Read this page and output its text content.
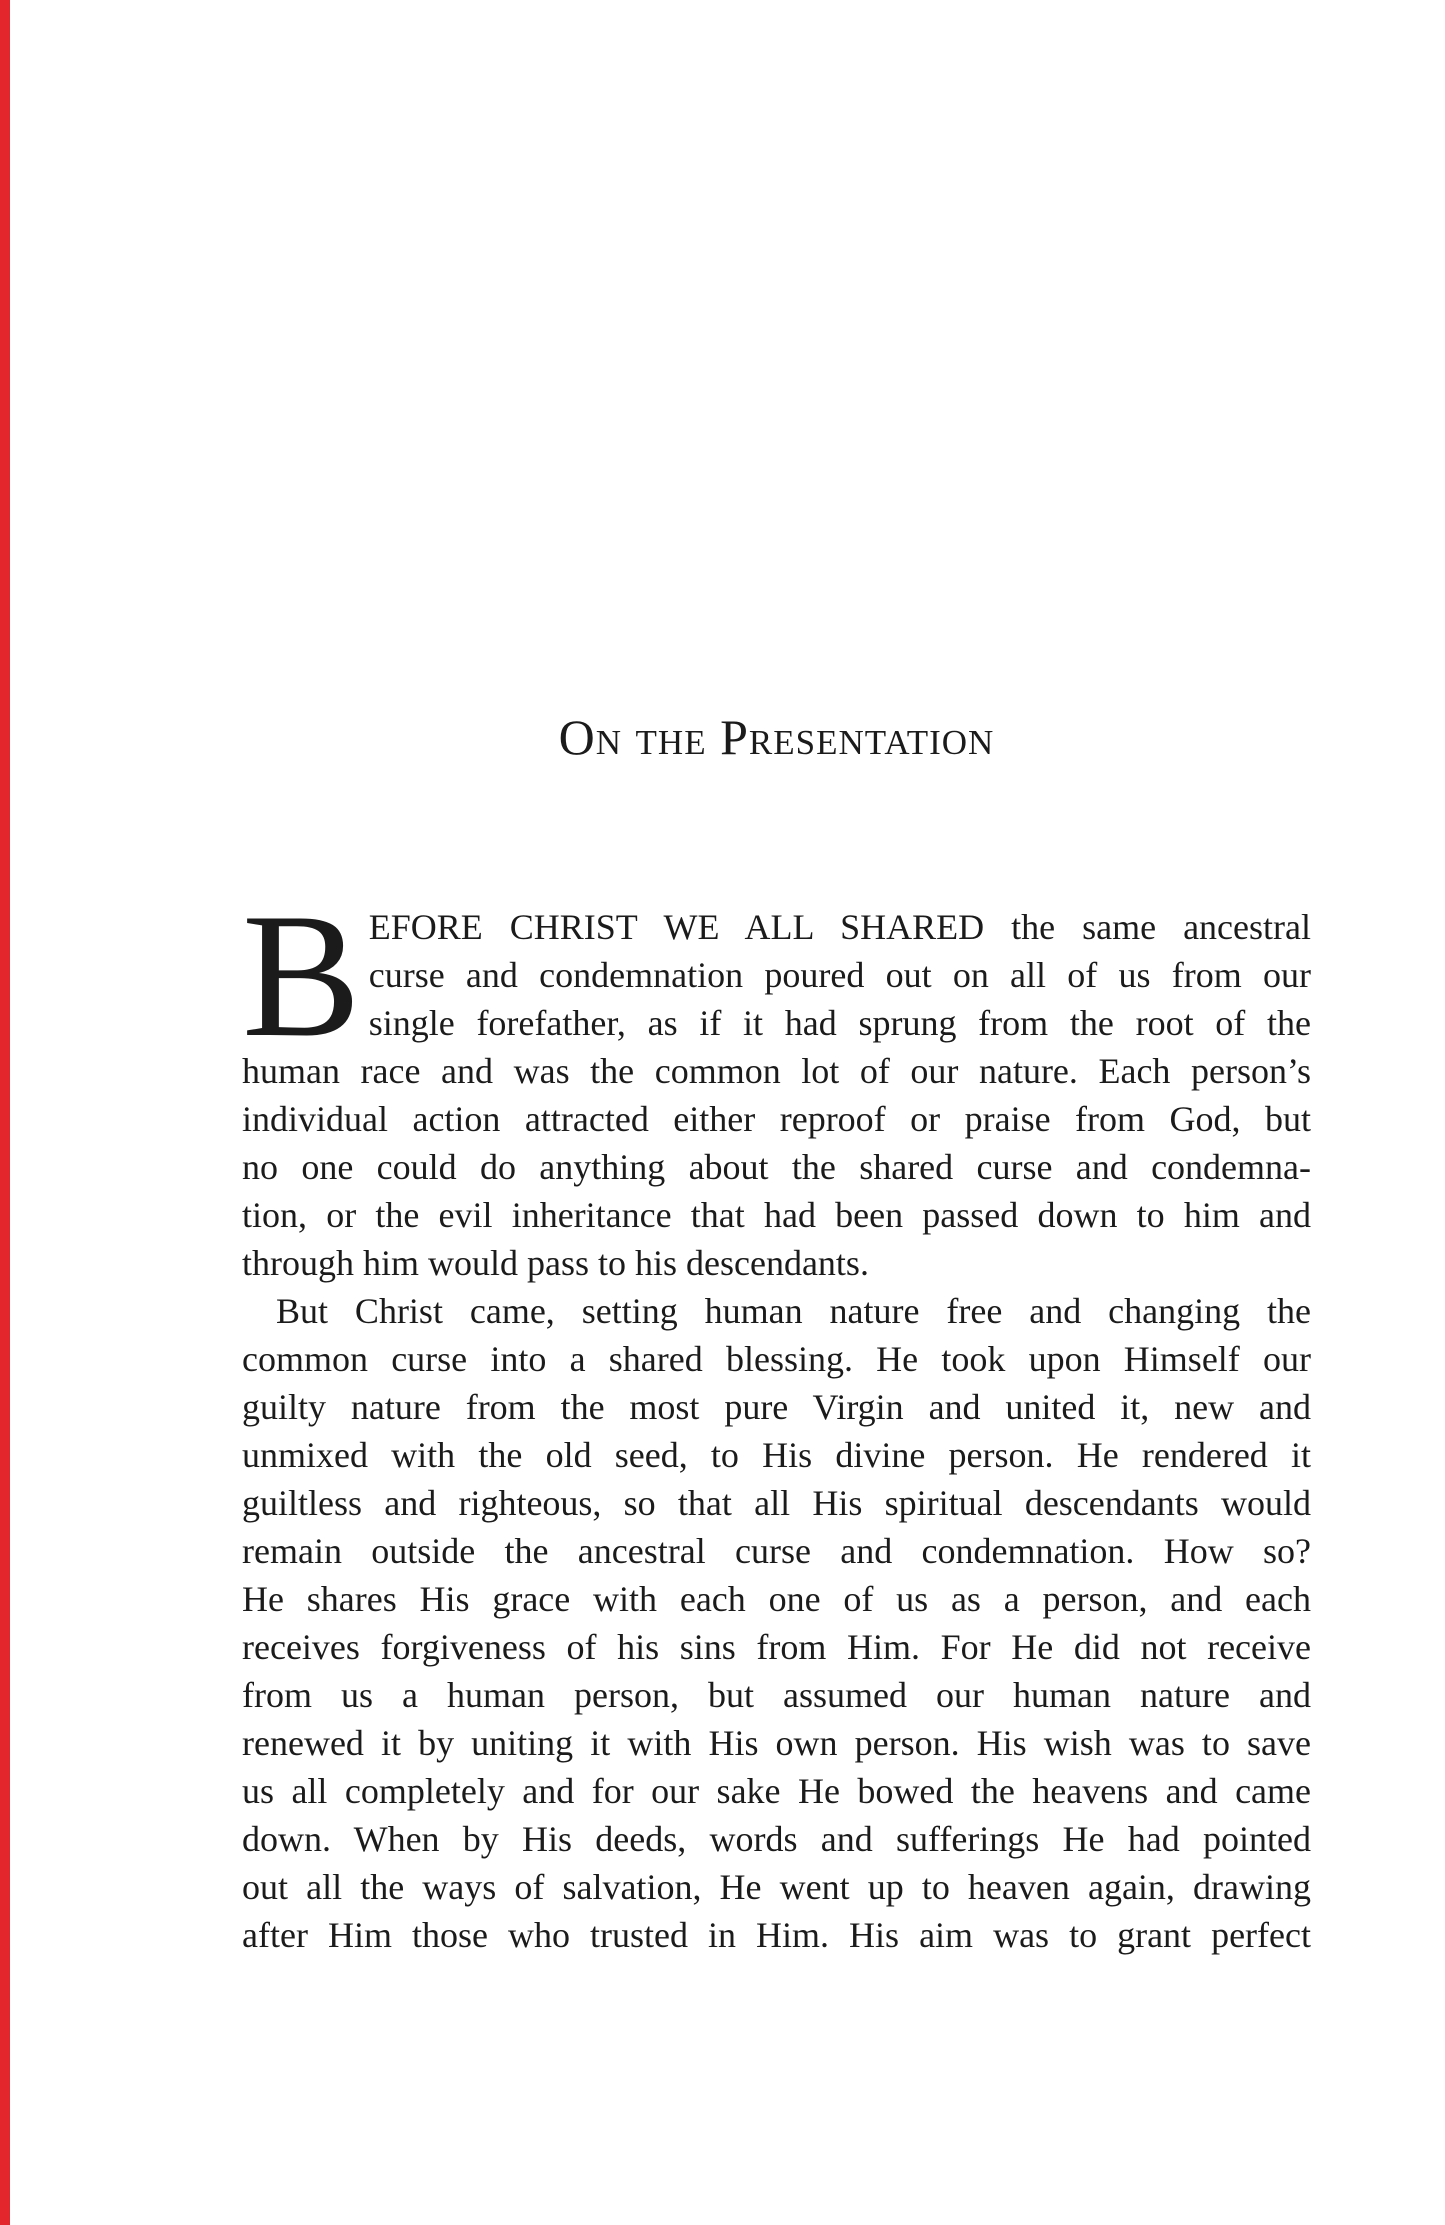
On the Presentation
B EFORE CHRIST WE ALL SHARED the same ancestral
curse and condemnation poured out on all of us from our
single forefather, as if it had sprung from the root of the
human race and was the common lot of our nature. Each person’s
individual action attracted either reproof or praise from God, but
no one could do anything about the shared curse and condemna-
tion, or the evil inheritance that had been passed down to him and
through him would pass to his descendants.
But Christ came, setting human nature free and changing the
common curse into a shared blessing. He took upon Himself our
guilty nature from the most pure Virgin and united it, new and
unmixed with the old seed, to His divine person. He rendered it
guiltless and righteous, so that all His spiritual descendants would
remain outside the ancestral curse and condemnation. How so?
He shares His grace with each one of us as a person, and each
receives forgiveness of his sins from Him. For He did not receive
from us a human person, but assumed our human nature and
renewed it by uniting it with His own person. His wish was to save
us all completely and for our sake He bowed the heavens and came
down. When by His deeds, words and sufferings He had pointed
out all the ways of salvation, He went up to heaven again, drawing
after Him those who trusted in Him. His aim was to grant perfect
